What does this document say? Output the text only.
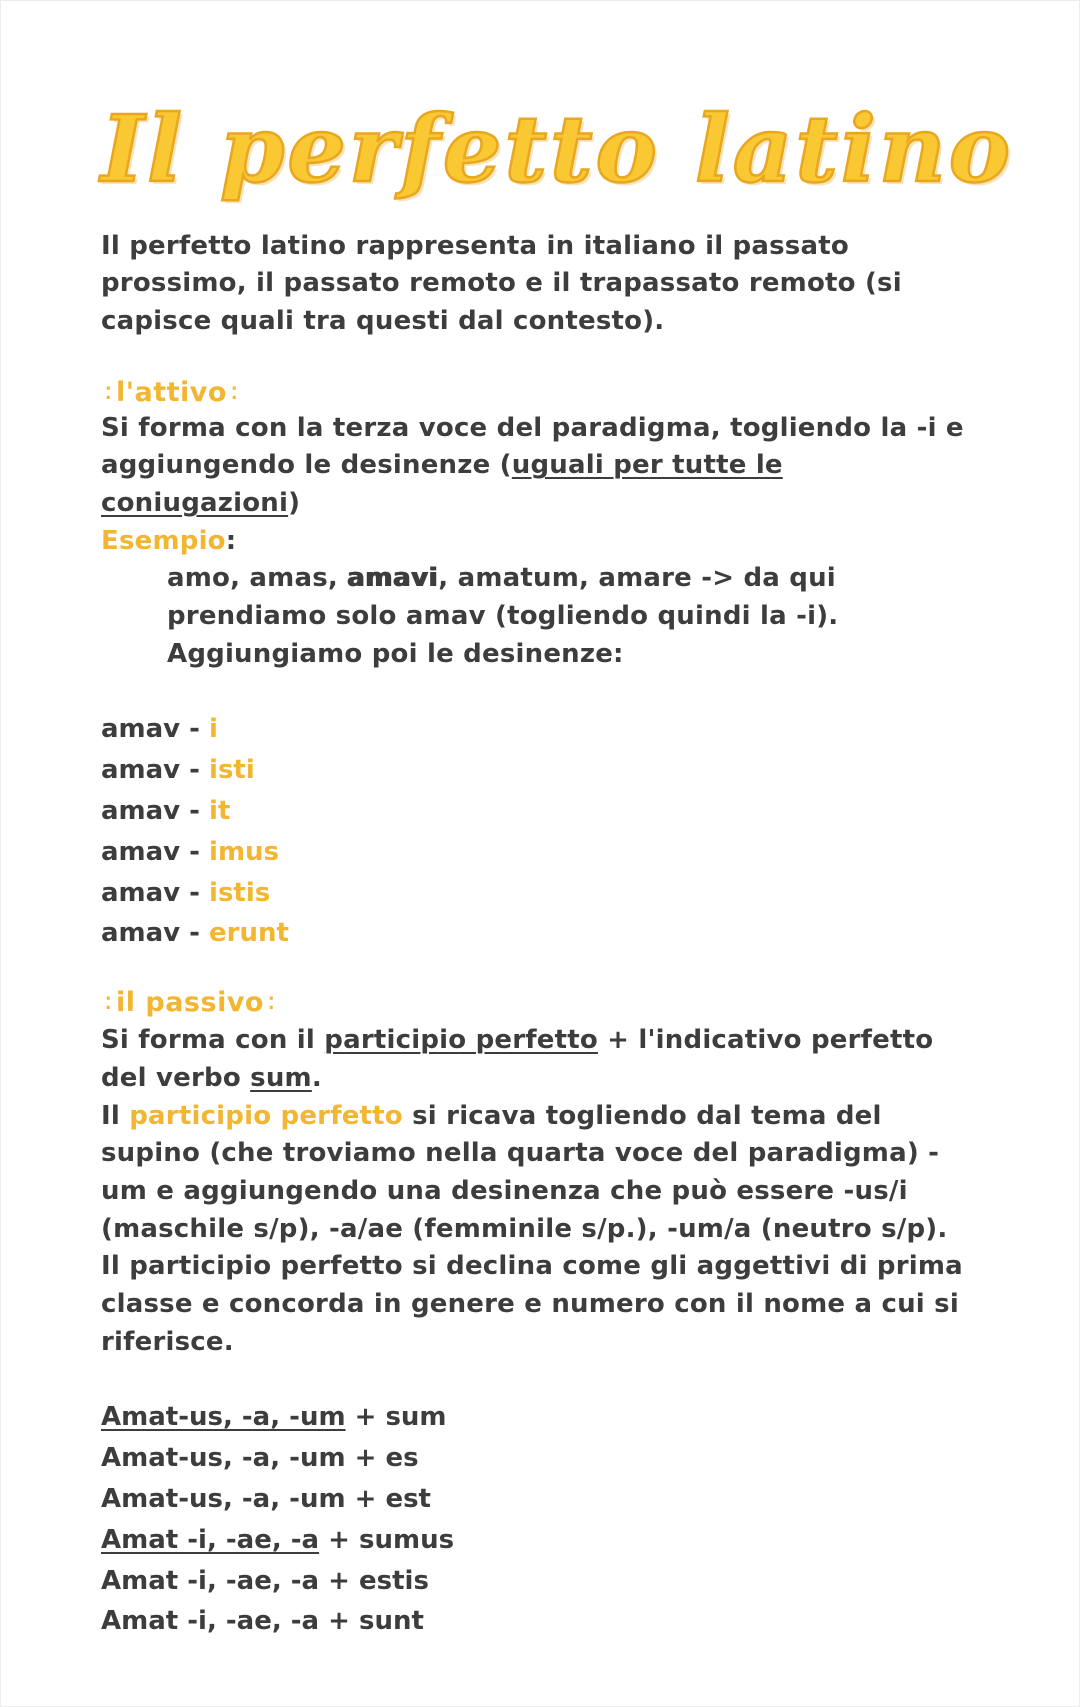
Il perfetto latino

Il perfetto latino rappresenta in italiano il passato prossimo, il passato remoto e il trapassato remoto (si capisce quali tra questi dal contesto).

⁚ l'attivo ⁚

Si forma con la terza voce del paradigma, togliendo la -i e aggiungendo le desinenze (uguali per tutte le coniugazioni)

Esempio:

amo, amas, amavi, amatum, amare -> da qui prendiamo solo amav (togliendo quindi la -i). Aggiungiamo poi le desinenze:

amav - i
amav - isti
amav - it
amav - imus
amav - istis
amav - erunt
⁚ il passivo ⁚

Si forma con il participio perfetto + l'indicativo perfetto del verbo sum.

Il participio perfetto si ricava togliendo dal tema del supino (che troviamo nella quarta voce del paradigma) -um e aggiungendo una desinenza che può essere -us/i (maschile s/p), -a/ae (femminile s/p.), -um/a (neutro s/p).

Il participio perfetto si declina come gli aggettivi di prima classe e concorda in genere e numero con il nome a cui si riferisce.

Amat-us, -a, -um + sum
Amat-us, -a, -um + es
Amat-us, -a, -um + est
Amat -i, -ae, -a + sumus
Amat -i, -ae, -a + estis
Amat -i, -ae, -a + sunt
